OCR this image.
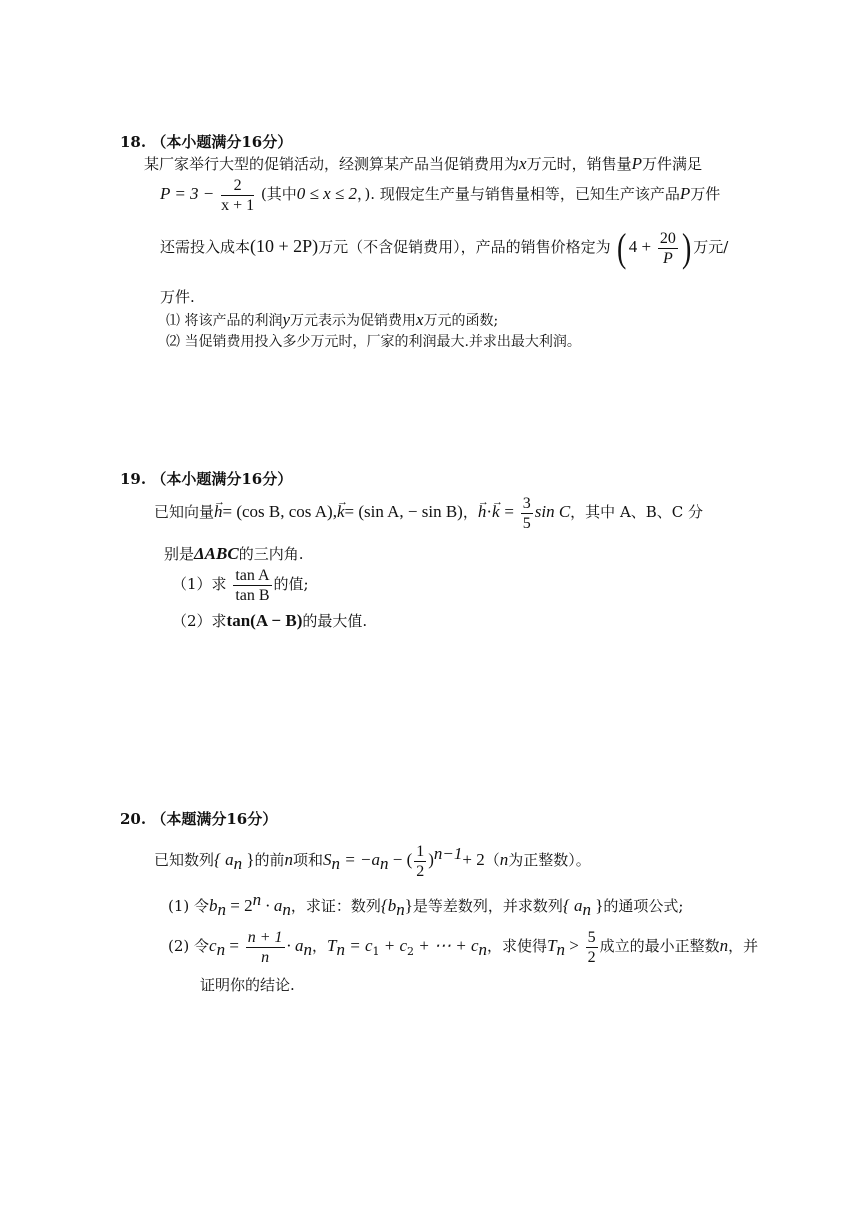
18. （本小题满分16分）
某厂家举行大型的促销活动，经测算某产品当促销费用为x万元时，销售量P万件满足
$P = 3 - \frac{2}{x + 1}$ (其中0 ≤ x ≤ 2，). 现假定生产量与销售量相等，已知生产该产品P万件
还需投入成本(10 + 2P)万元（不含促销费用），产品的销售价格定为 ( $4 + \frac{20}{P}$ ) 万元/
万件.
⑴ 将该产品的利润y万元表示为促销费用x万元的函数;
⑵ 当促销费用投入多少万元时，厂家的利润最大.并求出最大利润。
19. （本小题满分16分）
已知向量→ h= (cos B, cos A),→ k= (sin A, − sin B)，→ $h\cdot\to k = \frac{3}{5}$ sin C，其中 A、B、C 分
别是ΔABC的三内角.
（1）求 $\frac{\text{tan A}}{\text{tan B}}$ 的值;
（2）求tan(A − B)的最大值.
20. （本题满分16分）
已知数列{ $a_n$ }的前n项和$S_n = -a_n$ − ( $\frac{1}{2} )^{n-1}+ 2(n$为正整数）。
(1) 令$b_n = 2^n \cdot a_n$，求证：数列$\{b_n\}$是等差数列，并求数列{ $a_n$ }的通项公式;
(2) 令$c_n = \frac{n + 1}{n} \cdot a_n$，$T_n = c_1 + c_2$ + ⋯ + $c_n$，求使得$T_n > \frac{5}{2}$ 成立的最小正整数n，并
证明你的结论.
